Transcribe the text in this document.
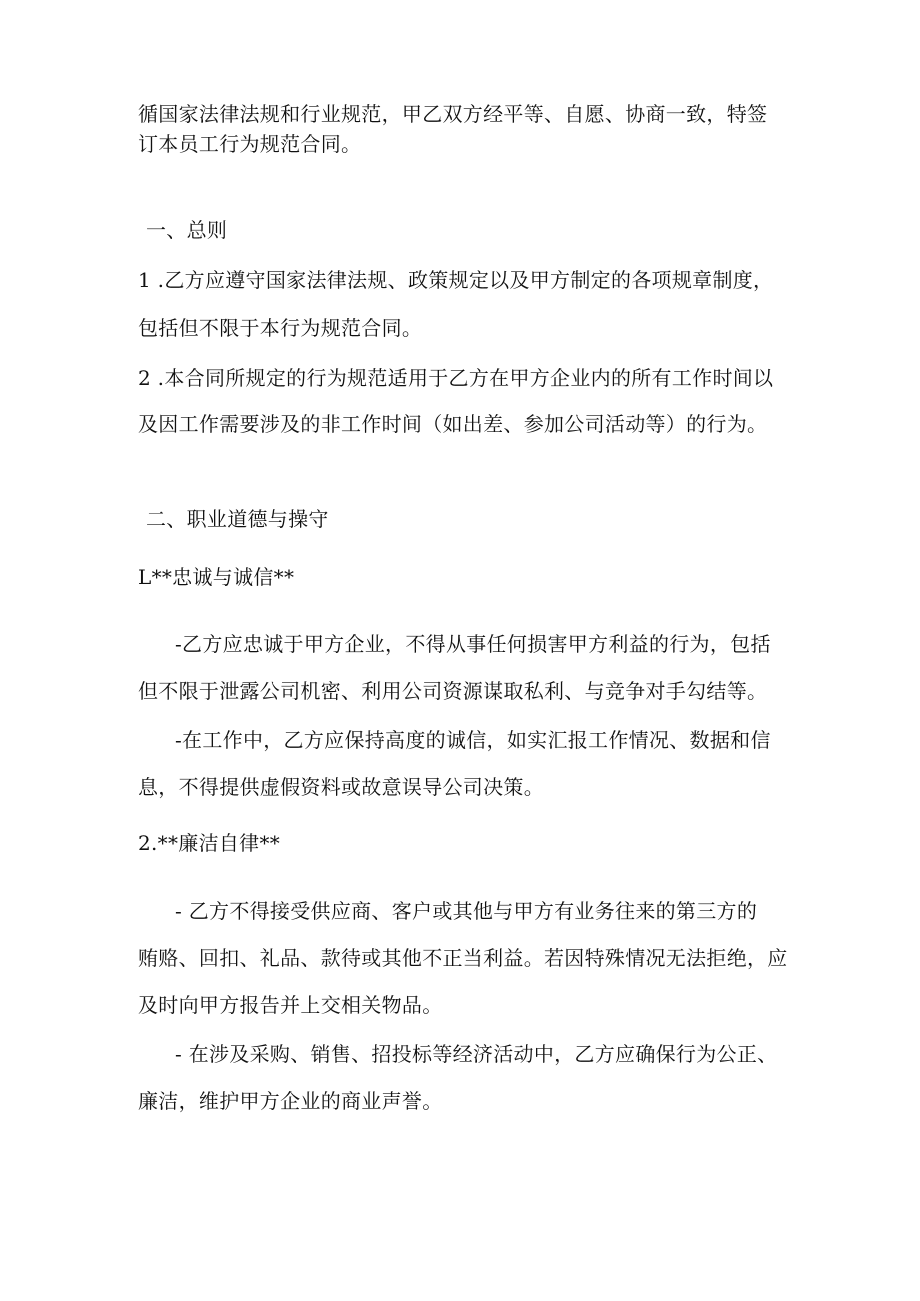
循国家法律法规和行业规范，甲乙双方经平等、自愿、协商一致，特签
订本员工行为规范合同。
一、总则
1 .乙方应遵守国家法律法规、政策规定以及甲方制定的各项规章制度，
包括但不限于本行为规范合同。
2 .本合同所规定的行为规范适用于乙方在甲方企业内的所有工作时间以
及因工作需要涉及的非工作时间（如出差、参加公司活动等）的行为。
二、职业道德与操守
L**忠诚与诚信**
-乙方应忠诚于甲方企业，不得从事任何损害甲方利益的行为，包括
但不限于泄露公司机密、利用公司资源谋取私利、与竞争对手勾结等。
-在工作中，乙方应保持高度的诚信，如实汇报工作情况、数据和信
息，不得提供虚假资料或故意误导公司决策。
2.**廉洁自律**
- 乙方不得接受供应商、客户或其他与甲方有业务往来的第三方的
贿赂、回扣、礼品、款待或其他不正当利益。若因特殊情况无法拒绝，应
及时向甲方报告并上交相关物品。
- 在涉及采购、销售、招投标等经济活动中，乙方应确保行为公正、
廉洁，维护甲方企业的商业声誉。
